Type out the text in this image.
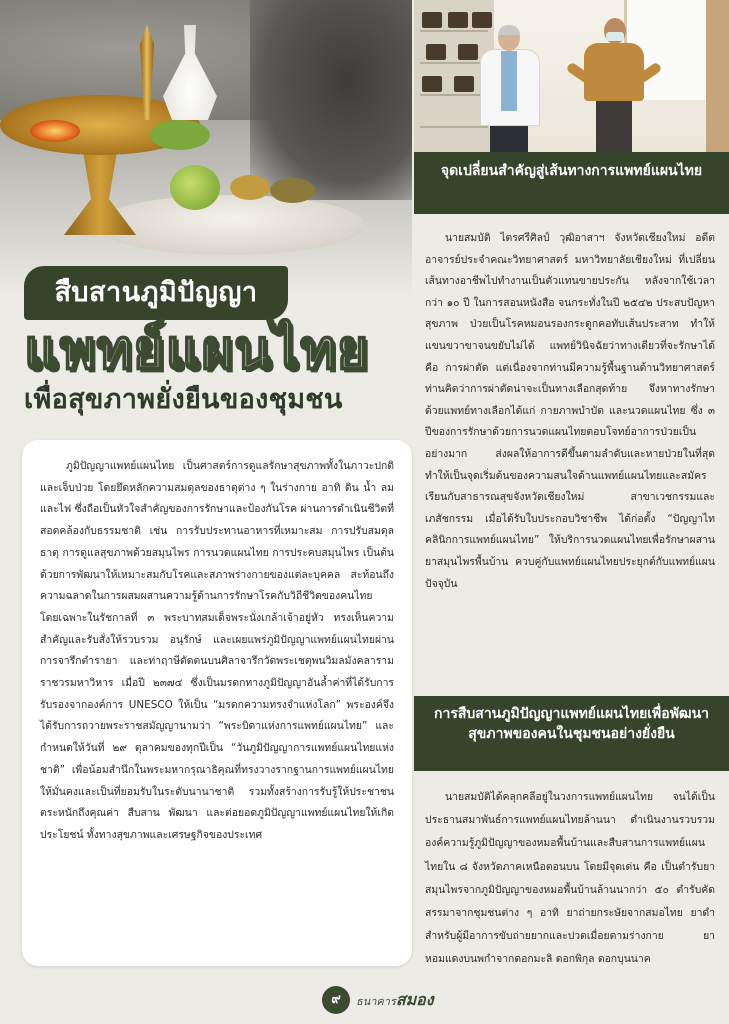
สืบสานภูมิปัญญา
แพทย์แผนไทย
เพื่อสุขภาพยั่งยืนของชุมชน

ภูมิปัญญาแพทย์แผนไทย เป็นศาสตร์การดูแลรักษาสุขภาพทั้งในภาวะปกติและเจ็บป่วย โดยยึดหลักความสมดุลของธาตุต่าง ๆ ในร่างกาย อาทิ ดิน น้ำ ลม และไฟ ซึ่งถือเป็นหัวใจสำคัญของการรักษาและป้องกันโรค ผ่านการดำเนินชีวิตที่สอดคล้องกับธรรมชาติ เช่น การรับประทานอาหารที่เหมาะสม การปรับสมดุลธาตุ การดูแลสุขภาพด้วยสมุนไพร การนวดแผนไทย การประคบสมุนไพร เป็นต้น ด้วยการพัฒนาให้เหมาะสมกับโรคและสภาพร่างกายของแต่ละบุคคล สะท้อนถึงความฉลาดในการผสมผสานความรู้ด้านการรักษาโรคกับวิถีชีวิตของคนไทย โดยเฉพาะในรัชกาลที่ ๓ พระบาทสมเด็จพระนั่งเกล้าเจ้าอยู่หัว ทรงเห็นความสำคัญและรับสั่งให้รวบรวม อนุรักษ์ และเผยแพร่ภูมิปัญญาแพทย์แผนไทยผ่านการจารึกตำรายา และท่าฤาษีดัดตนบนศิลาจารึกวัดพระเชตุพนวิมลมังคลารามราชวรมหาวิหาร เมื่อปี ๒๓๗๔ ซึ่งเป็นมรดกทางภูมิปัญญาอันล้ำค่าที่ได้รับการรับรองจากองค์การ UNESCO ให้เป็น “มรดกความทรงจำแห่งโลก” พระองค์จึงได้รับการถวายพระราชสมัญญานามว่า “พระบิดาแห่งการแพทย์แผนไทย” และกำหนดให้วันที่ ๒๙ ตุลาคมของทุกปีเป็น “วันภูมิปัญญาการแพทย์แผนไทยแห่งชาติ” เพื่อน้อมสำนึกในพระมหากรุณาธิคุณที่ทรงวางรากฐานการแพทย์แผนไทยให้มั่นคงและเป็นที่ยอมรับในระดับนานาชาติ รวมทั้งสร้างการรับรู้ให้ประชาชนตระหนักถึงคุณค่า สืบสาน พัฒนา และต่อยอดภูมิปัญญาแพทย์แผนไทยให้เกิดประโยชน์ ทั้งทางสุขภาพและเศรษฐกิจของประเทศ

จุดเปลี่ยนสำคัญสู่เส้นทางการแพทย์แผนไทย

นายสมบัติ ไตรศรีศิลป์ วุฒิอาสาฯ จังหวัดเชียงใหม่ อดีตอาจารย์ประจำคณะวิทยาศาสตร์ มหาวิทยาลัยเชียงใหม่ ที่เปลี่ยนเส้นทางอาชีพไปทำงานเป็นตัวแทนขายประกัน หลังจากใช้เวลากว่า ๑๐ ปี ในการสอนหนังสือ จนกระทั่งในปี ๒๕๔๒ ประสบปัญหาสุขภาพ ป่วยเป็นโรคหมอนรองกระดูกคอทับเส้นประสาท ทำให้แขนขวาขาจนขยับไม่ได้ แพทย์วินิจฉัยว่าทางเดียวที่จะรักษาได้คือ การผ่าตัด แต่เนื่องจากท่านมีความรู้พื้นฐานด้านวิทยาศาสตร์ ท่านคิดว่าการผ่าตัดน่าจะเป็นทางเลือกสุดท้าย จึงหาทางรักษาด้วยแพทย์ทางเลือกได้แก่ กายภาพบำบัด และนวดแผนไทย ซึ่ง ๓ ปีของการรักษาด้วยการนวดแผนไทยตอบโจทย์อาการป่วยเป็นอย่างมาก ส่งผลให้อาการดีขึ้นตามลำดับและหายป่วยในที่สุด ทำให้เป็นจุดเริ่มต้นของความสนใจด้านแพทย์แผนไทยและสมัครเรียนกับสาธารณสุขจังหวัดเชียงใหม่ สาขาเวชกรรมและเภสัชกรรม เมื่อได้รับใบประกอบวิชาชีพ ได้ก่อตั้ง “ปัญญาไทคลินิกการแพทย์แผนไทย” ให้บริการนวดแผนไทยเพื่อรักษาผสานยาสมุนไพรพื้นบ้าน ควบคู่กับแพทย์แผนไทยประยุกต์กับแพทย์แผนปัจจุบัน

การสืบสานภูมิปัญญาแพทย์แผนไทยเพื่อพัฒนาสุขภาพของคนในชุมชนอย่างยั่งยืน

นายสมบัติได้คลุกคลีอยู่ในวงการแพทย์แผนไทย จนได้เป็นประธานสมาพันธ์การแพทย์แผนไทยล้านนา ดำเนินงานรวบรวมองค์ความรู้ภูมิปัญญาของหมอพื้นบ้านและสืบสานการแพทย์แผนไทยใน ๘ จังหวัดภาคเหนือตอนบน โดยมีจุดเด่น คือ เป็นตำรับยาสมุนไพรจากภูมิปัญญาของหมอพื้นบ้านล้านนากว่า ๕๐ ตำรับคัดสรรมาจากชุมชนต่าง ๆ อาทิ ยาถ่ายกระษัยจากสมอไทย ยาดำสำหรับผู้มีอาการขับถ่ายยากและปวดเมื่อยตามร่างกาย ยาหอมแดงบนพกำจากดอกมะลิ ดอกพิกุล ดอกบุนนาค

๙	ธนาคารสมอง
